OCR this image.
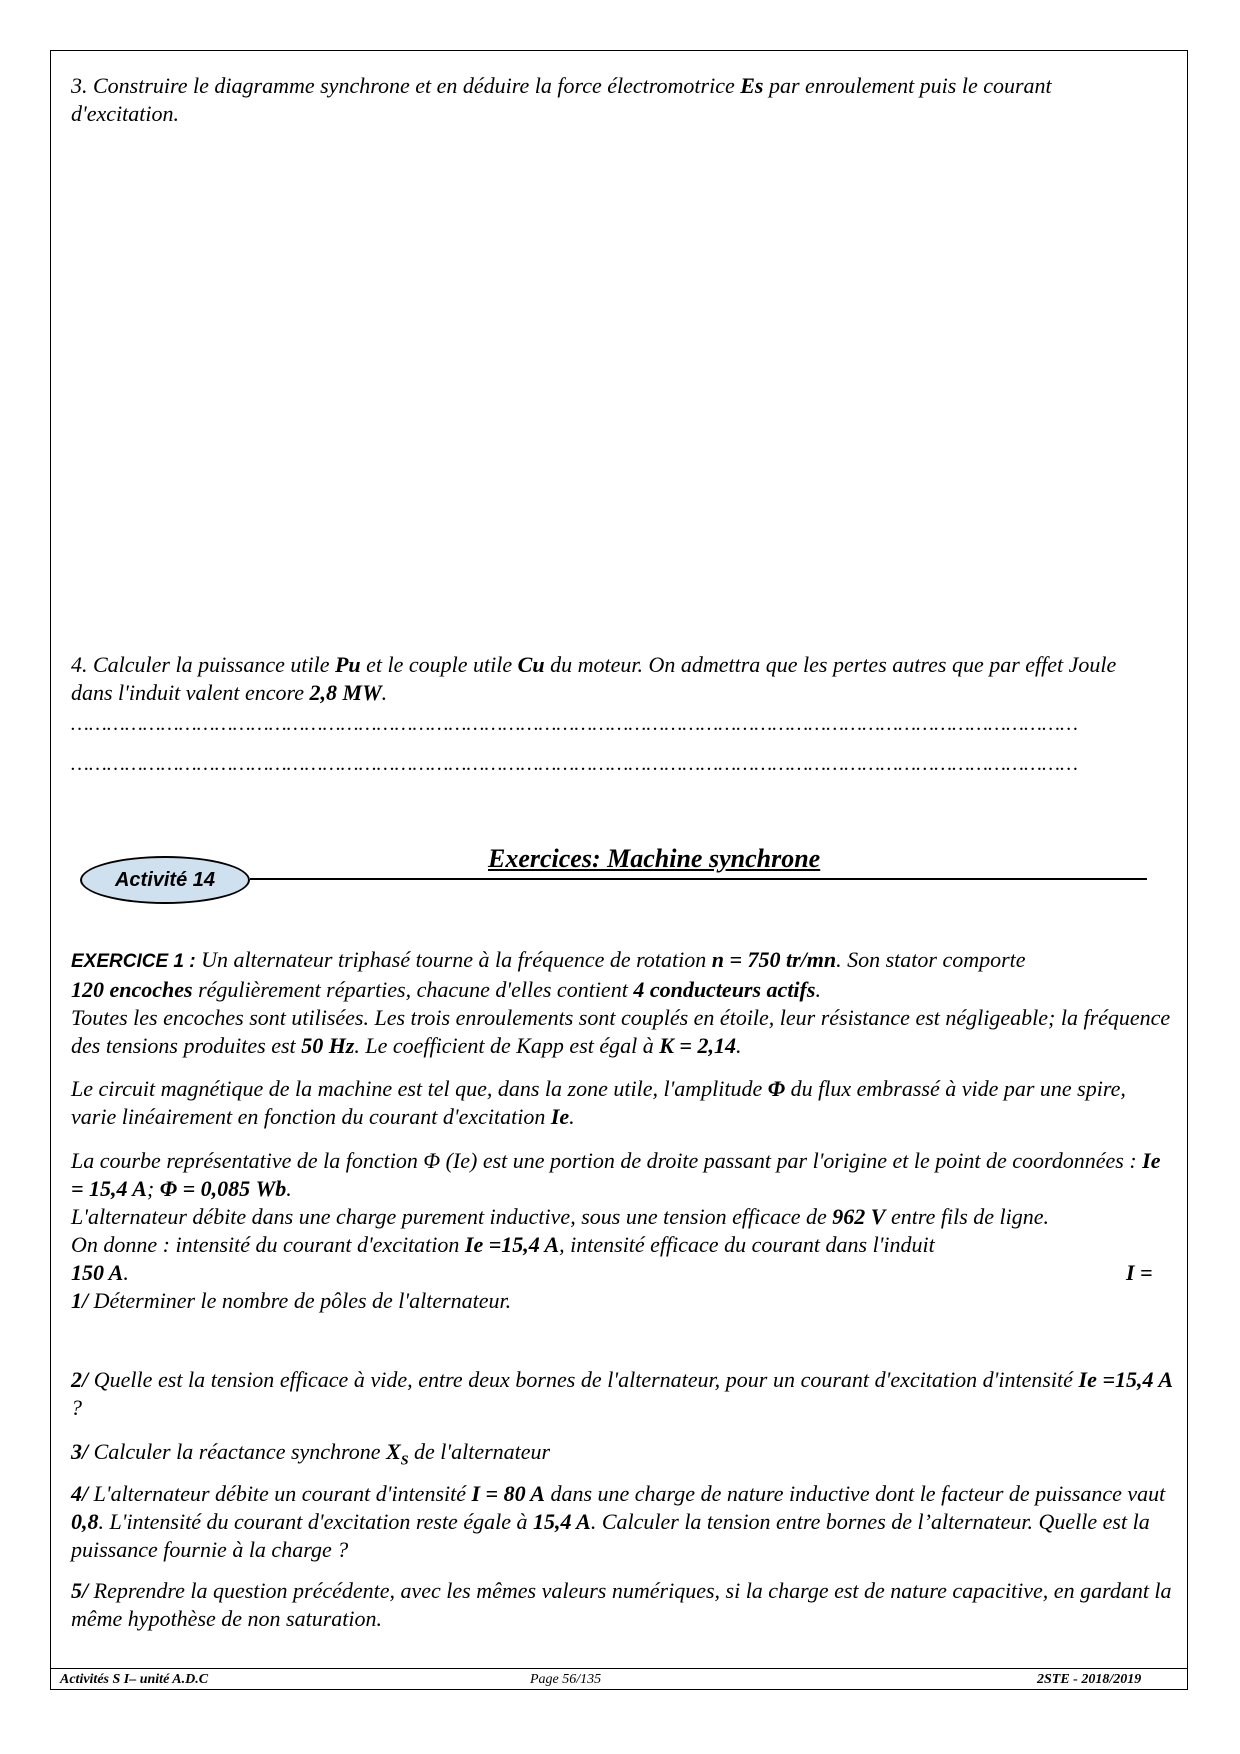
3. Construire le diagramme synchrone et en déduire la force électromotrice Es par enroulement puis le courant d'excitation.
4. Calculer la puissance utile Pu et le couple utile Cu du moteur. On admettra que les pertes autres que par effet Joule dans l'induit valent encore 2,8 MW.
……………………………………………………………………………………………………………………………………………………
……………………………………………………………………………………………………………………………………………………
Activité 14
Exercices: Machine synchrone
EXERCICE 1 : Un alternateur triphasé tourne à la fréquence de rotation n = 750 tr/mn. Son stator comporte
120 encoches régulièrement réparties, chacune d'elles contient 4 conducteurs actifs.
Toutes les encoches sont utilisées. Les trois enroulements sont couplés en étoile, leur résistance est négligeable; la fréquence des tensions produites est 50 Hz. Le coefficient de Kapp est égal à K = 2,14.
Le circuit magnétique de la machine est tel que, dans la zone utile, l'amplitude Φ du flux embrassé à vide par une spire, varie linéairement en fonction du courant d'excitation Ie.
La courbe représentative de la fonction Φ (Ie) est une portion de droite passant par l'origine et le point de coordonnées : Ie = 15,4 A; Φ = 0,085 Wb.
L'alternateur débite dans une charge purement inductive, sous une tension efficace de 962 V entre fils de ligne.
On donne : intensité du courant d'excitation Ie =15,4 A, intensité efficace du courant dans l'induit
I =

150 A.
1/ Déterminer le nombre de pôles de l'alternateur.
2/ Quelle est la tension efficace à vide, entre deux bornes de l'alternateur, pour un courant d'excitation d'intensité Ie =15,4 A ?
3/ Calculer la réactance synchrone $X_S$ de l'alternateur
4/ L'alternateur débite un courant d'intensité I = 80 A dans une charge de nature inductive dont le facteur de puissance vaut 0,8. L'intensité du courant d'excitation reste égale à 15,4 A. Calculer la tension entre bornes de l’alternateur. Quelle est la puissance fournie à la charge ?
5/ Reprendre la question précédente, avec les mêmes valeurs numériques, si la charge est de nature capacitive, en gardant la même hypothèse de non saturation.
Activités S I– unité A.D.C	Page 56/135	2STE - 2018/2019
